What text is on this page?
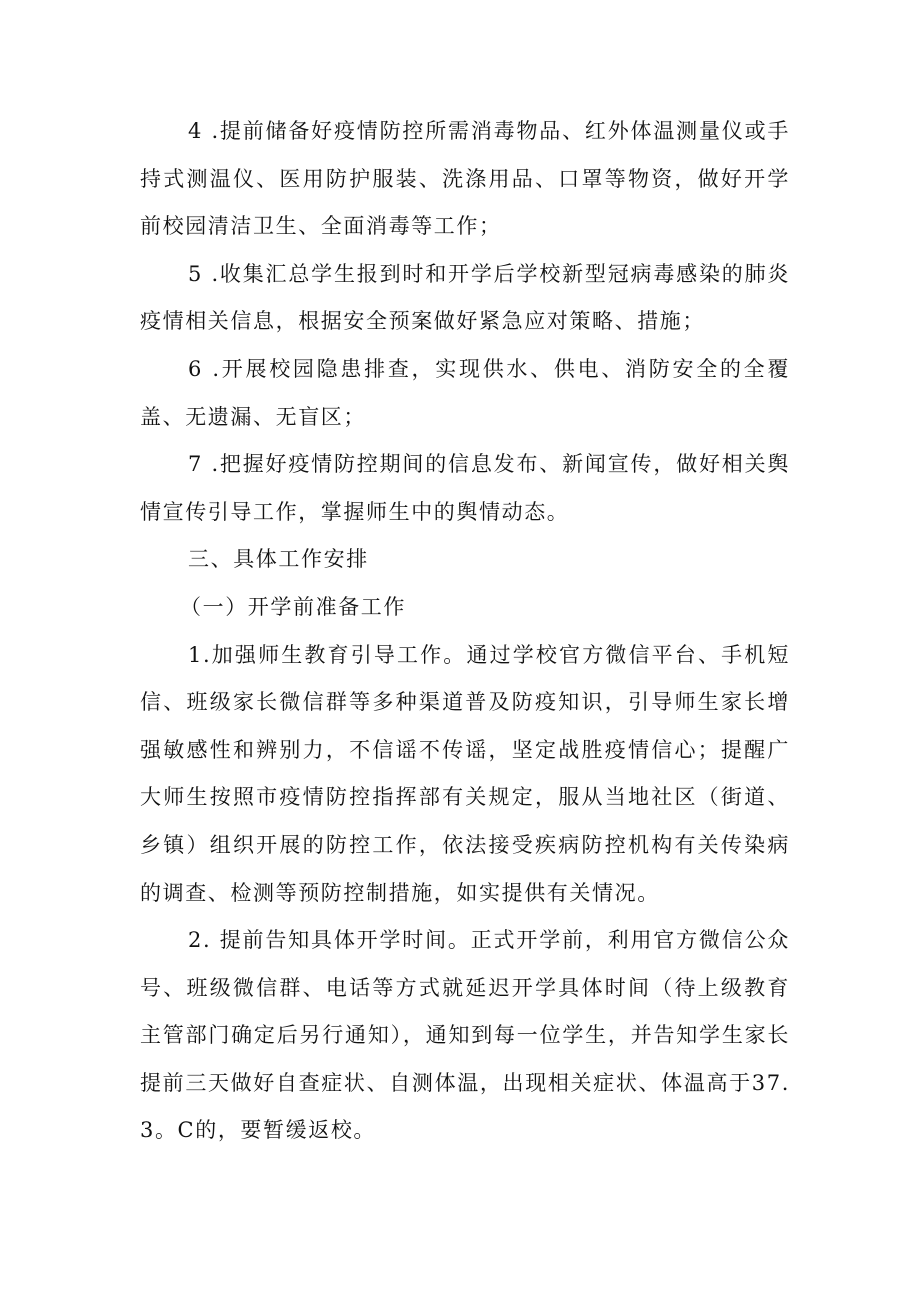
4 .提前储备好疫情防控所需消毒物品、红外体温测量仪或手持式测温仪、医用防护服装、洗涤用品、口罩等物资，做好开学前校园清洁卫生、全面消毒等工作；

5 .收集汇总学生报到时和开学后学校新型冠病毒感染的肺炎疫情相关信息，根据安全预案做好紧急应对策略、措施；

6 .开展校园隐患排查，实现供水、供电、消防安全的全覆盖、无遗漏、无盲区；

7 .把握好疫情防控期间的信息发布、新闻宣传，做好相关舆情宣传引导工作，掌握师生中的舆情动态。

三、具体工作安排

（一）开学前准备工作

1.加强师生教育引导工作。通过学校官方微信平台、手机短信、班级家长微信群等多种渠道普及防疫知识，引导师生家长增强敏感性和辨别力，不信谣不传谣，坚定战胜疫情信心；提醒广大师生按照市疫情防控指挥部有关规定，服从当地社区（街道、乡镇）组织开展的防控工作，依法接受疾病防控机构有关传染病的调查、检测等预防控制措施，如实提供有关情况。

2. 提前告知具体开学时间。正式开学前，利用官方微信公众号、班级微信群、电话等方式就延迟开学具体时间（待上级教育主管部门确定后另行通知），通知到每一位学生，并告知学生家长提前三天做好自查症状、自测体温，出现相关症状、体温高于37.3。C的，要暂缓返校。
